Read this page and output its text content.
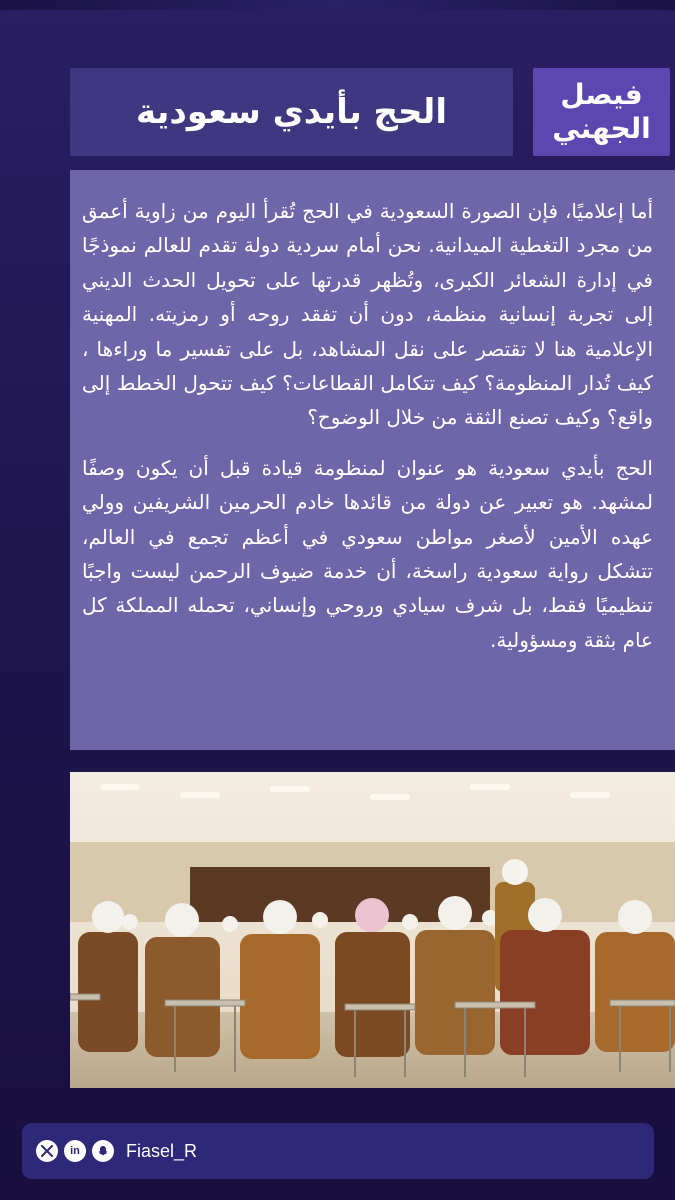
الحج بأيدي سعودية	فيصل
الجهني

أما إعلاميًا، فإن الصورة السعودية في الحج تُقرأ اليوم من زاوية أعمق من مجرد التغطية الميدانية. نحن أمام سردية دولة تقدم للعالم نموذجًا في إدارة الشعائر الكبرى، وتُظهر قدرتها على تحويل الحدث الديني إلى تجربة إنسانية منظمة، دون أن تفقد روحه أو رمزيته. المهنية الإعلامية هنا لا تقتصر على نقل المشاهد، بل على تفسير ما وراءها ، كيف تُدار المنظومة؟ كيف تتكامل القطاعات؟ كيف تتحول الخطط إلى واقع؟ وكيف تصنع الثقة من خلال الوضوح؟

الحج بأيدي سعودية هو عنوان لمنظومة قيادة قبل أن يكون وصفًا لمشهد. هو تعبير عن دولة من قائدها خادم الحرمين الشريفين وولي عهده الأمين لأصغر مواطن سعودي في أعظم تجمع في العالم، تتشكل رواية سعودية راسخة، أن خدمة ضيوف الرحمن ليست واجبًا تنظيميًا فقط، بل شرف سيادي وروحي وإنساني، تحمله المملكة كل عام بثقة ومسؤولية.

in	Fiasel_R
